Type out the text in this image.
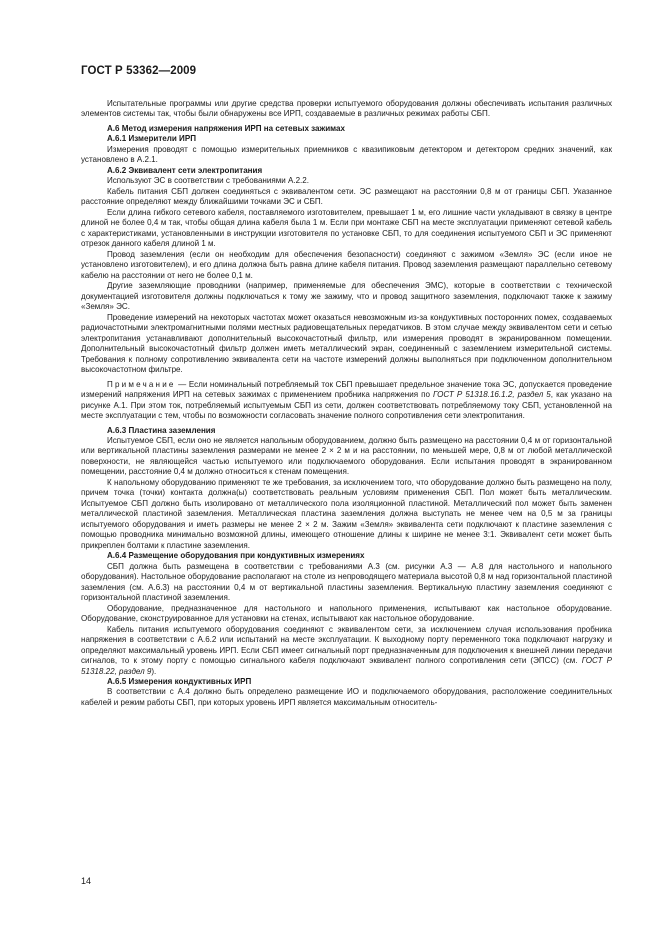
ГОСТ Р 53362—2009

Испытательные программы или другие средства проверки испытуемого оборудования должны обеспечивать испытания различных элементов системы так, чтобы были обнаружены все ИРП, создаваемые в различных режимах работы СБП.

А.6 Метод измерения напряжения ИРП на сетевых зажимах
А.6.1 Измерители ИРП

Измерения проводят с помощью измерительных приемников с квазипиковым детектором и детектором средних значений, как установлено в А.2.1.

А.6.2 Эквивалент сети электропитания

Используют ЭС в соответствии с требованиями А.2.2.

Кабель питания СБП должен соединяться с эквивалентом сети. ЭС размещают на расстоянии 0,8 м от границы СБП. Указанное расстояние определяют между ближайшими точками ЭС и СБП.

Если длина гибкого сетевого кабеля, поставляемого изготовителем, превышает 1 м, его лишние части укладывают в связку в центре длиной не более 0,4 м так, чтобы общая длина кабеля была 1 м. Если при монтаже СБП на месте эксплуатации применяют сетевой кабель с характеристиками, установленными в инструкции изготовителя по установке СБП, то для соединения испытуемого СБП и ЭС применяют отрезок данного кабеля длиной 1 м.

Провод заземления (если он необходим для обеспечения безопасности) соединяют с зажимом «Земля» ЭС (если иное не установлено изготовителем), и его длина должна быть равна длине кабеля питания. Провод заземления размещают параллельно сетевому кабелю на расстоянии от него не более 0,1 м.

Другие заземляющие проводники (например, применяемые для обеспечения ЭМС), которые в соответствии с технической документацией изготовителя должны подключаться к тому же зажиму, что и провод защитного заземления, подключают также к зажиму «Земля» ЭС.

Проведение измерений на некоторых частотах может оказаться невозможным из-за кондуктивных посторонних помех, создаваемых радиочастотными электромагнитными полями местных радиовещательных передатчиков. В этом случае между эквивалентом сети и сетью электропитания устанавливают дополнительный высокочастотный фильтр, или измерения проводят в экранированном помещении. Дополнительный высокочастотный фильтр должен иметь металлический экран, соединенный с заземлением измерительной системы. Требования к полному сопротивлению эквивалента сети на частоте измерений должны выполняться при подключенном дополнительном высокочастотном фильтре.

Примечание — Если номинальный потребляемый ток СБП превышает предельное значение тока ЭС, допускается проведение измерений напряжения ИРП на сетевых зажимах с применением пробника напряжения по ГОСТ Р 51318.16.1.2, раздел 5, как указано на рисунке А.1. При этом ток, потребляемый испытуемым СБП из сети, должен соответствовать потребляемому току СБП, установленной на месте эксплуатации с тем, чтобы по возможности согласовать значение полного сопротивления сети электропитания.

А.6.3 Пластина заземления

Испытуемое СБП, если оно не является напольным оборудованием, должно быть размещено на расстоянии 0,4 м от горизонтальной или вертикальной пластины заземления размерами не менее 2 × 2 м и на расстоянии, по меньшей мере, 0,8 м от любой металлической поверхности, не являющейся частью испытуемого или подключаемого оборудования. Если испытания проводят в экранированном помещении, расстояние 0,4 м должно относиться к стенам помещения.

К напольному оборудованию применяют те же требования, за исключением того, что оборудование должно быть размещено на полу, причем точка (точки) контакта должна(ы) соответствовать реальным условиям применения СБП. Пол может быть металлическим. Испытуемое СБП должно быть изолировано от металлического пола изоляционной пластиной. Металлический пол может быть заменен металлической пластиной заземления. Металлическая пластина заземления должна выступать не менее чем на 0,5 м за границы испытуемого оборудования и иметь размеры не менее 2 × 2 м. Зажим «Земля» эквивалента сети подключают к пластине заземления с помощью проводника минимально возможной длины, имеющего отношение длины к ширине не менее 3:1. Эквивалент сети может быть прикреплен болтами к пластине заземления.

А.6.4 Размещение оборудования при кондуктивных измерениях

СБП должна быть размещена в соответствии с требованиями А.3 (см. рисунки А.3 — А.8 для настольного и напольного оборудования). Настольное оборудование располагают на столе из непроводящего материала высотой 0,8 м над горизонтальной пластиной заземления (см. А.6.3) на расстоянии 0,4 м от вертикальной пластины заземления. Вертикальную пластину заземления соединяют с горизонтальной пластиной заземления.

Оборудование, предназначенное для настольного и напольного применения, испытывают как настольное оборудование. Оборудование, сконструированное для установки на стенах, испытывают как настольное оборудование.

Кабель питания испытуемого оборудования соединяют с эквивалентом сети, за исключением случая использования пробника напряжения в соответствии с А.6.2 или испытаний на месте эксплуатации. К выходному порту переменного тока подключают нагрузку и определяют максимальный уровень ИРП. Если СБП имеет сигнальный порт предназначенным для подключения к внешней линии передачи сигналов, то к этому порту с помощью сигнального кабеля подключают эквивалент полного сопротивления сети (ЭПСС) (см. ГОСТ Р 51318.22, раздел 9).

А.6.5 Измерения кондуктивных ИРП

В соответствии с А.4 должно быть определено размещение ИО и подключаемого оборудования, расположение соединительных кабелей и режим работы СБП, при которых уровень ИРП является максимальным относитель-

14
